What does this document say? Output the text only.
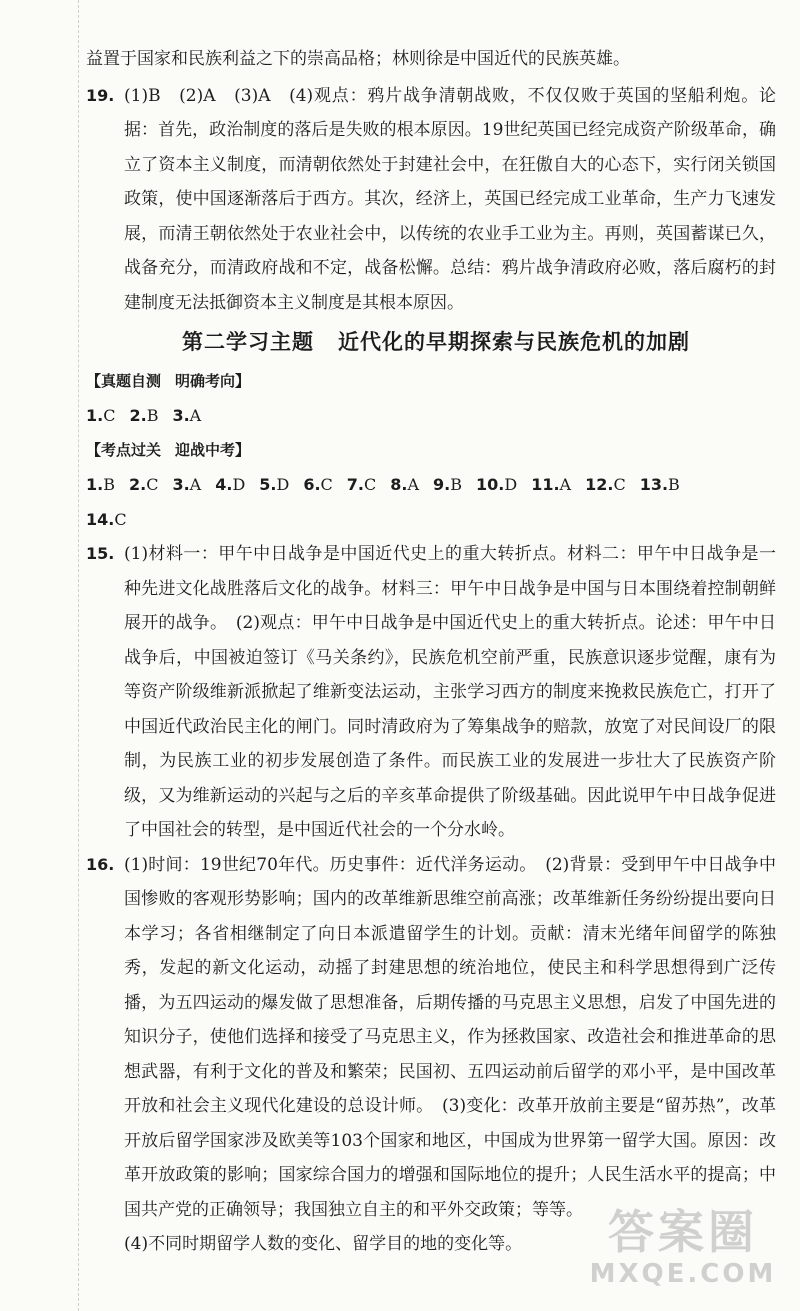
益置于国家和民族利益之下的崇高品格；林则徐是中国近代的民族英雄。

19. (1)B　(2)A　(3)A　(4)观点：鸦片战争清朝战败，不仅仅败于英国的坚船利炮。论据：首先，政治制度的落后是失败的根本原因。19世纪英国已经完成资产阶级革命，确立了资本主义制度，而清朝依然处于封建社会中，在狂傲自大的心态下，实行闭关锁国政策，使中国逐渐落后于西方。其次，经济上，英国已经完成工业革命，生产力飞速发展，而清王朝依然处于农业社会中，以传统的农业手工业为主。再则，英国蓄谋已久，战备充分，而清政府战和不定，战备松懈。总结：鸦片战争清政府必败，落后腐朽的封建制度无法抵御资本主义制度是其根本原因。

第二学习主题 近代化的早期探索与民族危机的加剧
【真题自测 明确考向】
1.C 2.B 3.A
【考点过关 迎战中考】
1.B 2.C 3.A 4.D 5.D 6.C 7.C 8.A 9.B 10.D 11.A 12.C 13.B
14.C
15. (1)材料一：甲午中日战争是中国近代史上的重大转折点。材料二：甲午中日战争是一种先进文化战胜落后文化的战争。材料三：甲午中日战争是中国与日本围绕着控制朝鲜展开的战争。　(2)观点：甲午中日战争是中国近代史上的重大转折点。论述：甲午中日战争后，中国被迫签订《马关条约》，民族危机空前严重，民族意识逐步觉醒，康有为等资产阶级维新派掀起了维新变法运动，主张学习西方的制度来挽救民族危亡，打开了中国近代政治民主化的闸门。同时清政府为了筹集战争的赔款，放宽了对民间设厂的限制，为民族工业的初步发展创造了条件。而民族工业的发展进一步壮大了民族资产阶级，又为维新运动的兴起与之后的辛亥革命提供了阶级基础。因此说甲午中日战争促进了中国社会的转型，是中国近代社会的一个分水岭。

16. (1)时间：19世纪70年代。历史事件：近代洋务运动。　(2)背景：受到甲午中日战争中国惨败的客观形势影响；国内的改革维新思维空前高涨；改革维新任务纷纷提出要向日本学习；各省相继制定了向日本派遣留学生的计划。贡献：清末光绪年间留学的陈独秀，发起的新文化运动，动摇了封建思想的统治地位，使民主和科学思想得到广泛传播，为五四运动的爆发做了思想准备，后期传播的马克思主义思想，启发了中国先进的知识分子，使他们选择和接受了马克思主义，作为拯救国家、改造社会和推进革命的思想武器，有利于文化的普及和繁荣；民国初、五四运动前后留学的邓小平，是中国改革开放和社会主义现代化建设的总设计师。　(3)变化：改革开放前主要是“留苏热”，改革开放后留学国家涉及欧美等103个国家和地区，中国成为世界第一留学大国。原因：改革开放政策的影响；国家综合国力的增强和国际地位的提升；人民生活水平的提高；中国共产党的正确领导；我国独立自主的和平外交政策；等等。

(4)不同时期留学人数的变化、留学目的地的变化等。	答案圈
MXQE.COM
